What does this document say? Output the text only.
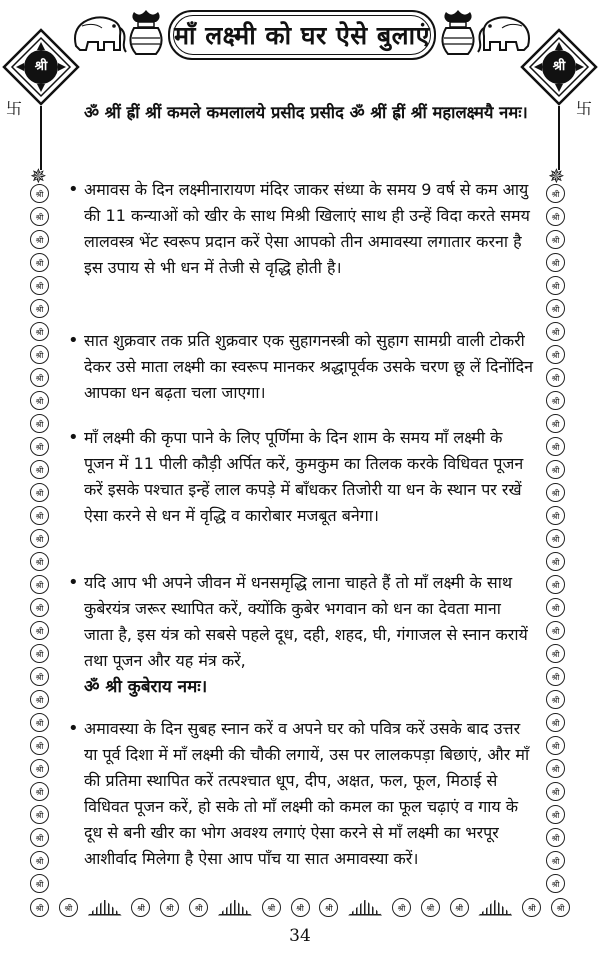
श्री	श्री
卐	卐
✵	✵
माँ लक्ष्मी को घर ऐसे बुलाएं
ॐ श्रीं ह्रीं श्रीं कमले कमलालये प्रसीद प्रसीद ॐ श्रीं ह्रीं श्रीं महालक्ष्मयै नमः।
• अमावस के दिन लक्ष्मीनारायण मंदिर जाकर संध्या के समय 9 वर्ष से कम आयु की 11 कन्याओं को खीर के साथ मिश्री खिलाएं साथ ही उन्हें विदा करते समय लालवस्त्र भेंट स्वरूप प्रदान करें ऐसा आपको तीन अमावस्या लगातार करना है इस उपाय से भी धन में तेजी से वृद्धि होती है।
• सात शुक्रवार तक प्रति शुक्रवार एक सुहागनस्त्री को सुहाग सामग्री वाली टोकरी देकर उसे माता लक्ष्मी का स्वरूप मानकर श्रद्धापूर्वक उसके चरण छू लें दिनोंदिन आपका धन बढ़ता चला जाएगा।
• माँ लक्ष्मी की कृपा पाने के लिए पूर्णिमा के दिन शाम के समय माँ लक्ष्मी के पूजन में 11 पीली कौड़ी अर्पित करें, कुमकुम का तिलक करके विधिवत पूजन करें इसके पश्चात इन्हें लाल कपड़े में बाँधकर तिजोरी या धन के स्थान पर रखें ऐसा करने से धन में वृद्धि व कारोबार मजबूत बनेगा।
• यदि आप भी अपने जीवन में धनसमृद्धि लाना चाहते हैं तो माँ लक्ष्मी के साथ कुबेरयंत्र जरूर स्थापित करें, क्योंकि कुबेर भगवान को धन का देवता माना जाता है, इस यंत्र को सबसे पहले दूध, दही, शहद, घी, गंगाजल से स्नान करायें तथा पूजन और यह मंत्र करें,
ॐ श्री कुबेराय नमः।
• अमावस्या के दिन सुबह स्नान करें व अपने घर को पवित्र करें उसके बाद उत्तर या पूर्व दिशा में माँ लक्ष्मी की चौकी लगायें, उस पर लालकपड़ा बिछाएं, और माँ की प्रतिमा स्थापित करें तत्पश्चात धूप, दीप, अक्षत, फल, फूल, मिठाई से विधिवत पूजन करें, हो सके तो माँ लक्ष्मी को कमल का फूल चढ़ाएं व गाय के दूध से बनी खीर का भोग अवश्य लगाएं ऐसा करने से माँ लक्ष्मी का भरपूर आशीर्वाद मिलेगा है ऐसा आप पाँच या सात अमावस्या करें।
श्री
श्री
श्री
श्री
श्री
श्री
श्री
श्री
श्री
श्री
श्री
श्री
श्री
श्री
श्री
श्री
श्री
श्री
श्री
श्री
श्री
श्री
श्री
श्री
श्री
श्री
श्री
श्री
श्री
श्री
श्री
श्री
श्री
श्री
श्री
श्री
श्री
श्री
श्री
श्री
श्री
श्री
श्री
श्री
श्री
श्री
श्री
श्री
श्री
श्री
श्री
श्री
श्री
श्री
श्री
श्री
श्री
श्री
श्री
श्री
श्री
श्री
श्री	श्री	श्री	श्री	श्री	श्री	श्री	श्री	श्री	श्री	श्री	श्री	श्री
34
